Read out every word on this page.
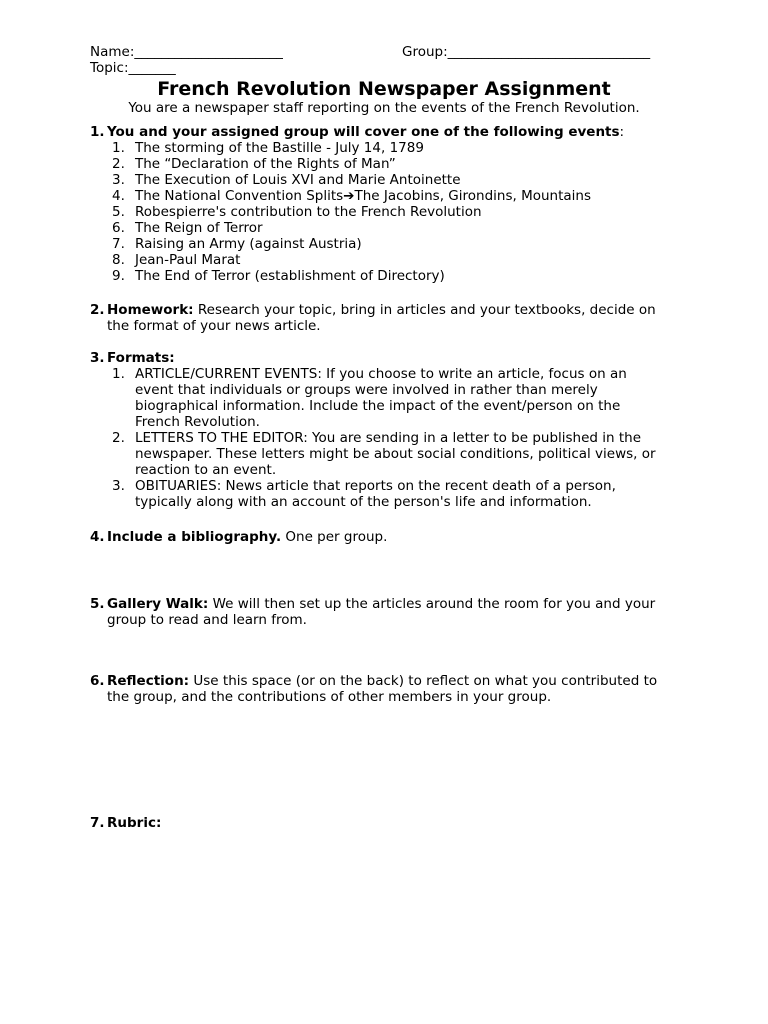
Name:______________________	Group:______________________________
Topic:_______
French Revolution Newspaper Assignment
You are a newspaper staff reporting on the events of the French Revolution.
1. You and your assigned group will cover one of the following events:
1. The storming of the Bastille - July 14, 1789
2. The “Declaration of the Rights of Man”
3. The Execution of Louis XVI and Marie Antoinette
4. The National Convention Splits➔The Jacobins, Girondins, Mountains
5. Robespierre's contribution to the French Revolution
6. The Reign of Terror
7. Raising an Army (against Austria)
8. Jean-Paul Marat
9. The End of Terror (establishment of Directory)
2. Homework: Research your topic, bring in articles and your textbooks, decide on
the format of your news article.
3. Formats:
1. ARTICLE/CURRENT EVENTS: If you choose to write an article, focus on an
event that individuals or groups were involved in rather than merely
biographical information. Include the impact of the event/person on the
French Revolution.
2. LETTERS TO THE EDITOR: You are sending in a letter to be published in the
newspaper. These letters might be about social conditions, political views, or
reaction to an event.
3. OBITUARIES: News article that reports on the recent death of a person,
typically along with an account of the person's life and information.
4. Include a bibliography. One per group.
5. Gallery Walk: We will then set up the articles around the room for you and your
group to read and learn from.
6. Reflection: Use this space (or on the back) to reflect on what you contributed to
the group, and the contributions of other members in your group.
7. Rubric:
